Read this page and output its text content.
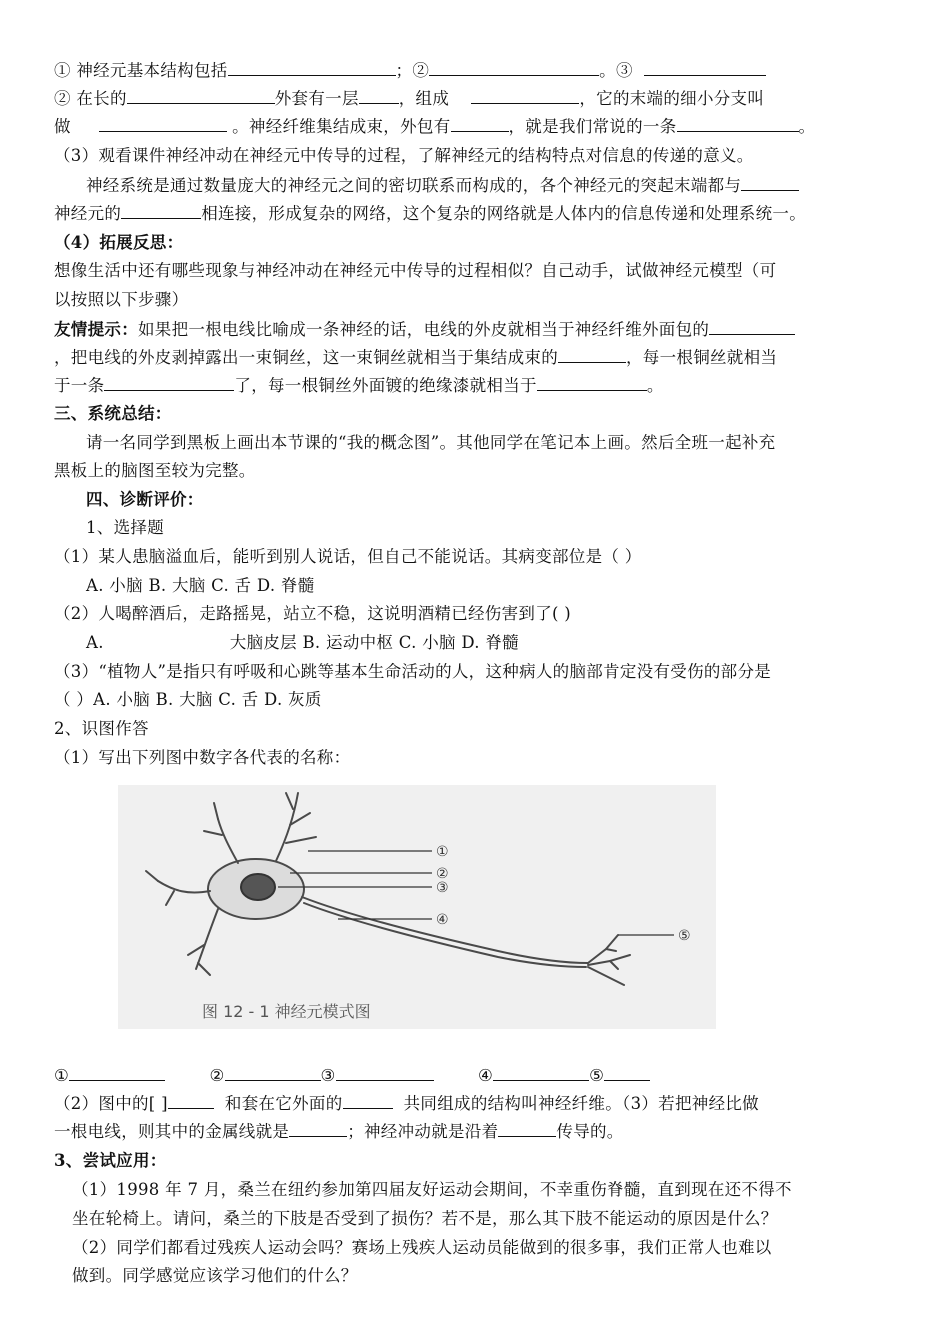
① 神经元基本结构包括	；②	。③
② 在长的	外套有一层 ，组成	，它的末端的细小分支叫
做	。神经纤维集结成束，外包有	，就是我们常说的一条	。
（3）观看课件神经冲动在神经元中传导的过程，了解神经元的结构特点对信息的传递的意义。
神经系统是通过数量庞大的神经元之间的密切联系而构成的，各个神经元的突起末端都与
神经元的	相连接，形成复杂的网络，这个复杂的网络就是人体内的信息传递和处理系统一。
（4）拓展反思：
想像生活中还有哪些现象与神经冲动在神经元中传导的过程相似？自己动手，试做神经元模型（可
以按照以下步骤）
友情提示：如果把一根电线比喻成一条神经的话，电线的外皮就相当于神经纤维外面包的
，把电线的外皮剥掉露出一束铜丝，这一束铜丝就相当于集结成束的	，每一根铜丝就相当
于一条	了，每一根铜丝外面镀的绝缘漆就相当于	。
三、系统总结：
请一名同学到黑板上画出本节课的“我的概念图”。其他同学在笔记本上画。然后全班一起补充
黑板上的脑图至较为完整。
四、诊断评价：
1、选择题
（1）某人患脑溢血后，能听到别人说话，但自己不能说话。其病变部位是（ ）
A. 小脑 B. 大脑 C. 舌 D. 脊髓
（2）人喝醉酒后，走路摇晃，站立不稳，这说明酒精已经伤害到了( )
A.	大脑皮层 B. 运动中枢 C. 小脑 D. 脊髓
（3）“植物人”是指只有呼吸和心跳等基本生命活动的人，这种病人的脑部肯定没有受伤的部分是
（ ）A. 小脑 B. 大脑 C. 舌 D. 灰质
2、识图作答
（1）写出下列图中数字各代表的名称：
①
②
③
④
⑤
图 12 - 1 神经元模式图
①	②	③	④	⑤
（2）图中的[ ]	和套在它外面的	共同组成的结构叫神经纤维。（3）若把神经比做
一根电线，则其中的金属线就是	；神经冲动就是沿着	传导的。
3、尝试应用：
（1）1998 年 7 月，桑兰在纽约参加第四届友好运动会期间，不幸重伤脊髓，直到现在还不得不
坐在轮椅上。请问，桑兰的下肢是否受到了损伤？若不是，那么其下肢不能运动的原因是什么？
（2）同学们都看过残疾人运动会吗？赛场上残疾人运动员能做到的很多事，我们正常人也难以
做到。同学感觉应该学习他们的什么？
